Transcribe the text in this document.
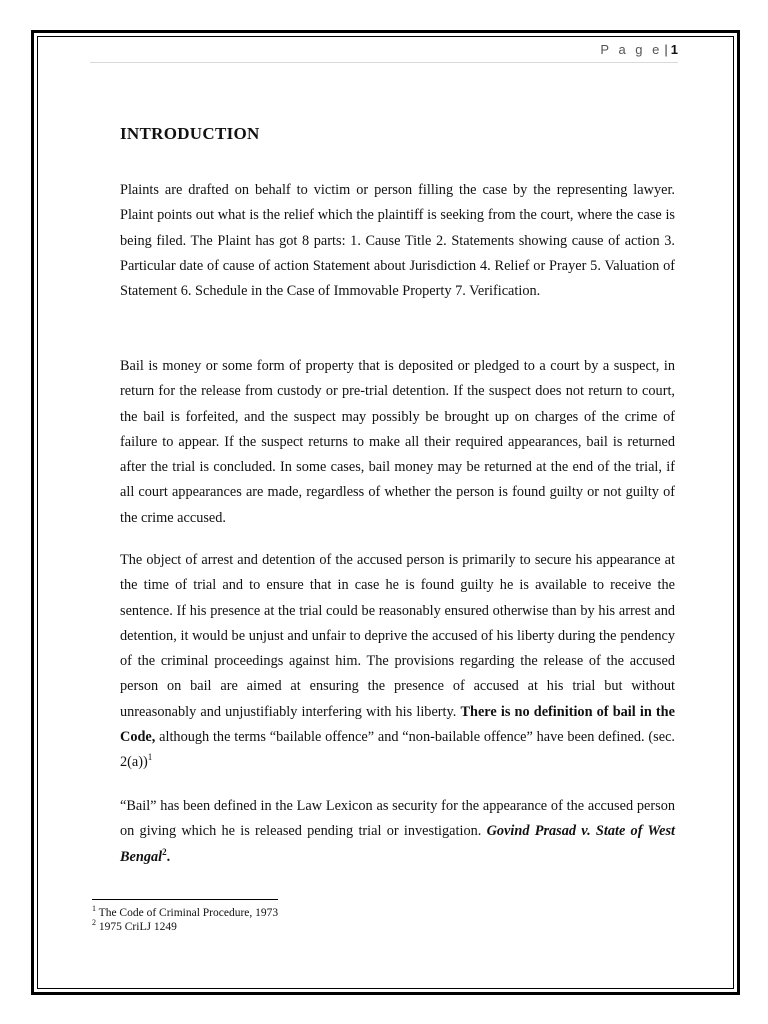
P a g e | 1
INTRODUCTION

Plaints are drafted on behalf to victim or person filling the case by the representing lawyer. Plaint points out what is the relief which the plaintiff is seeking from the court, where the case is being filed. The Plaint has got 8 parts: 1. Cause Title 2. Statements showing cause of action 3. Particular date of cause of action Statement about Jurisdiction 4. Relief or Prayer 5. Valuation of Statement 6. Schedule in the Case of Immovable Property 7. Verification.

Bail is money or some form of property that is deposited or pledged to a court by a suspect, in return for the release from custody or pre-trial detention. If the suspect does not return to court, the bail is forfeited, and the suspect may possibly be brought up on charges of the crime of failure to appear. If the suspect returns to make all their required appearances, bail is returned after the trial is concluded. In some cases, bail money may be returned at the end of the trial, if all court appearances are made, regardless of whether the person is found guilty or not guilty of the crime accused.

The object of arrest and detention of the accused person is primarily to secure his appearance at the time of trial and to ensure that in case he is found guilty he is available to receive the sentence. If his presence at the trial could be reasonably ensured otherwise than by his arrest and detention, it would be unjust and unfair to deprive the accused of his liberty during the pendency of the criminal proceedings against him. The provisions regarding the release of the accused person on bail are aimed at ensuring the presence of accused at his trial but without unreasonably and unjustifiably interfering with his liberty. There is no definition of bail in the Code, although the terms “bailable offence” and “non-bailable offence” have been defined. (sec. 2(a))$^1$

“Bail” has been defined in the Law Lexicon as security for the appearance of the accused person on giving which he is released pending trial or investigation. Govind Prasad v. State of West Bengal$^2$.

$^1$ The Code of Criminal Procedure, 1973
$^2$ 1975 CriLJ 1249
